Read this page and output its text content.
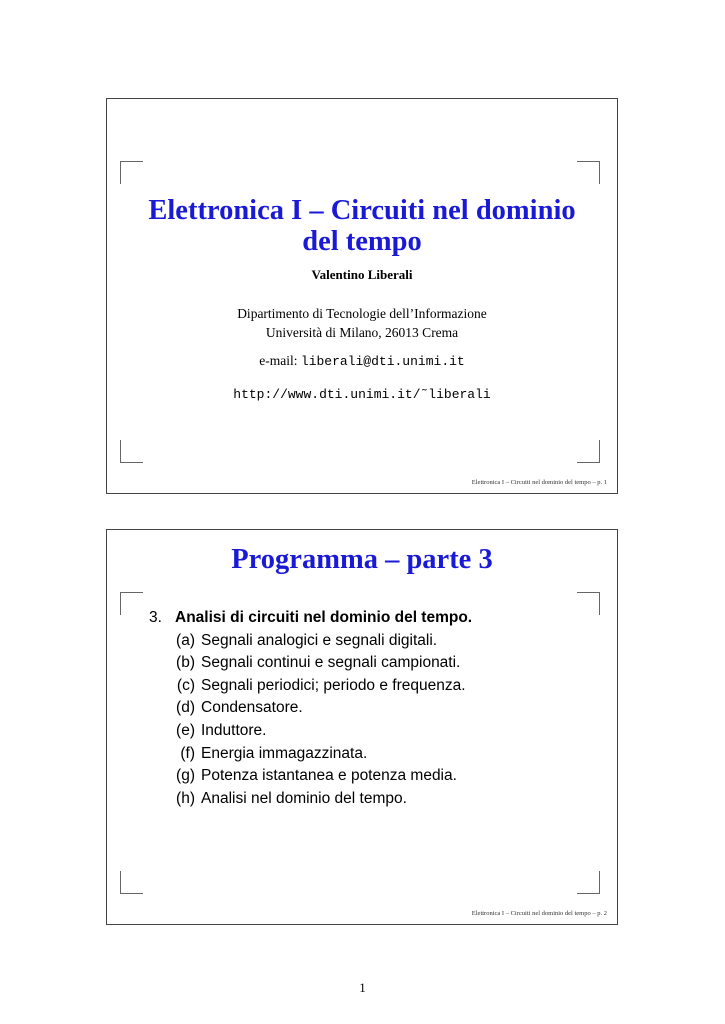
Elettronica I – Circuiti nel dominio
del tempo
Valentino Liberali
Dipartimento di Tecnologie dell’Informazione
Università di Milano, 26013 Crema
e-mail: liberali@dti.unimi.it
http://www.dti.unimi.it/˜liberali
Elettronica I – Circuiti nel dominio del tempo – p. 1
Programma – parte 3
3. Analisi di circuiti nel dominio del tempo.
(a) Segnali analogici e segnali digitali.
(b) Segnali continui e segnali campionati.
(c) Segnali periodici; periodo e frequenza.
(d) Condensatore.
(e) Induttore.
(f) Energia immagazzinata.
(g) Potenza istantanea e potenza media.
(h) Analisi nel dominio del tempo.
Elettronica I – Circuiti nel dominio del tempo – p. 2
1
